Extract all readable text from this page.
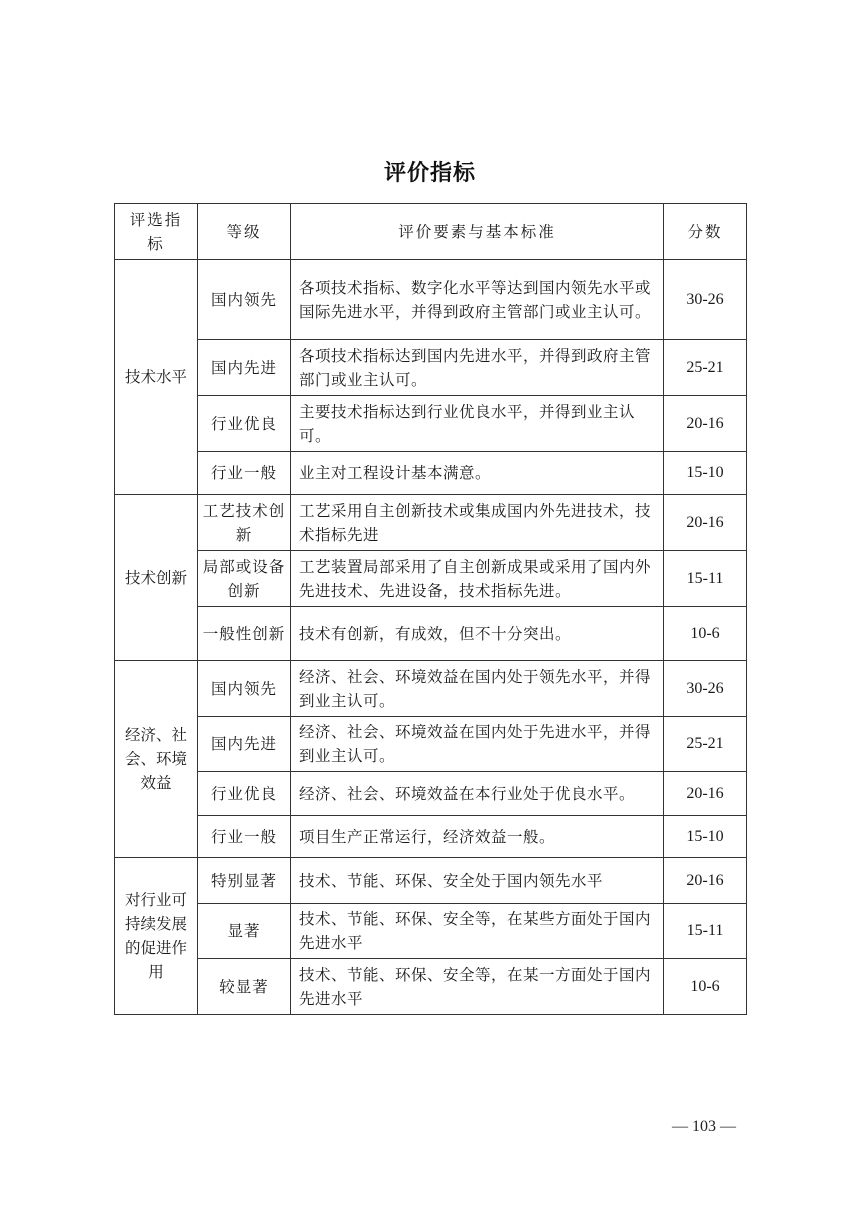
评价指标
评选指标	等级	评价要素与基本标准	分数
技术水平	国内领先	各项技术指标、数字化水平等达到国内领先水平或国际先进水平，并得到政府主管部门或业主认可。	30-26
	国内先进	各项技术指标达到国内先进水平，并得到政府主管部门或业主认可。	25-21
	行业优良	主要技术指标达到行业优良水平，并得到业主认可。	20-16
	行业一般	业主对工程设计基本满意。	15-10
技术创新	工艺技术创新	工艺采用自主创新技术或集成国内外先进技术，技术指标先进	20-16
	局部或设备创新	工艺装置局部采用了自主创新成果或采用了国内外先进技术、先进设备，技术指标先进。	15-11
	一般性创新	技术有创新，有成效，但不十分突出。	10-6
经济、社会、环境效益	国内领先	经济、社会、环境效益在国内处于领先水平，并得到业主认可。	30-26
	国内先进	经济、社会、环境效益在国内处于先进水平，并得到业主认可。	25-21
	行业优良	经济、社会、环境效益在本行业处于优良水平。	20-16
	行业一般	项目生产正常运行，经济效益一般。	15-10
对行业可持续发展的促进作用	特别显著	技术、节能、环保、安全处于国内领先水平	20-16
	显著	技术、节能、环保、安全等，在某些方面处于国内先进水平	15-11
	较显著	技术、节能、环保、安全等，在某一方面处于国内先进水平	10-6
— 103 —
